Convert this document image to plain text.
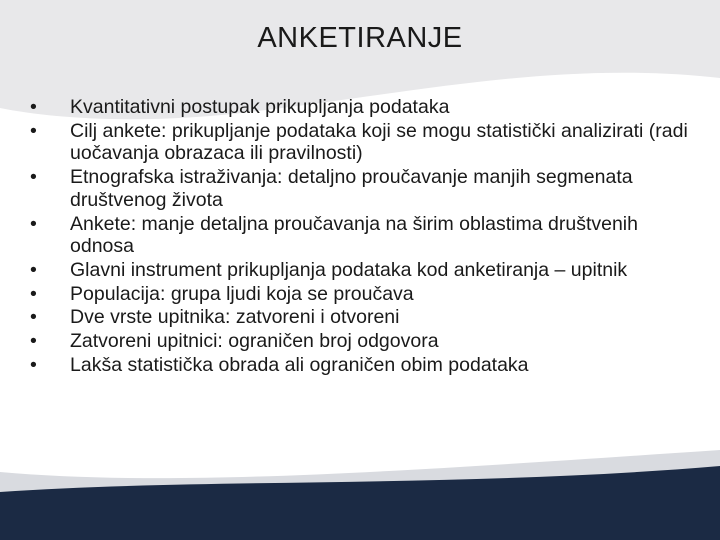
ANKETIRANJE
•	Kvantitativni postupak prikupljanja podataka
•	Cilj ankete: prikupljanje podataka koji se mogu statistički analizirati (radi uočavanja obrazaca ili pravilnosti)
•	Etnografska istraživanja: detaljno proučavanje manjih segmenata društvenog života
•	Ankete: manje detaljna proučavanja na širim oblastima društvenih odnosa
•	Glavni instrument prikupljanja podataka kod anketiranja – upitnik
•	Populacija: grupa ljudi koja se proučava
•	Dve vrste upitnika: zatvoreni i otvoreni
•	Zatvoreni upitnici: ograničen broj odgovora
•	Lakša statistička obrada ali ograničen obim podataka
